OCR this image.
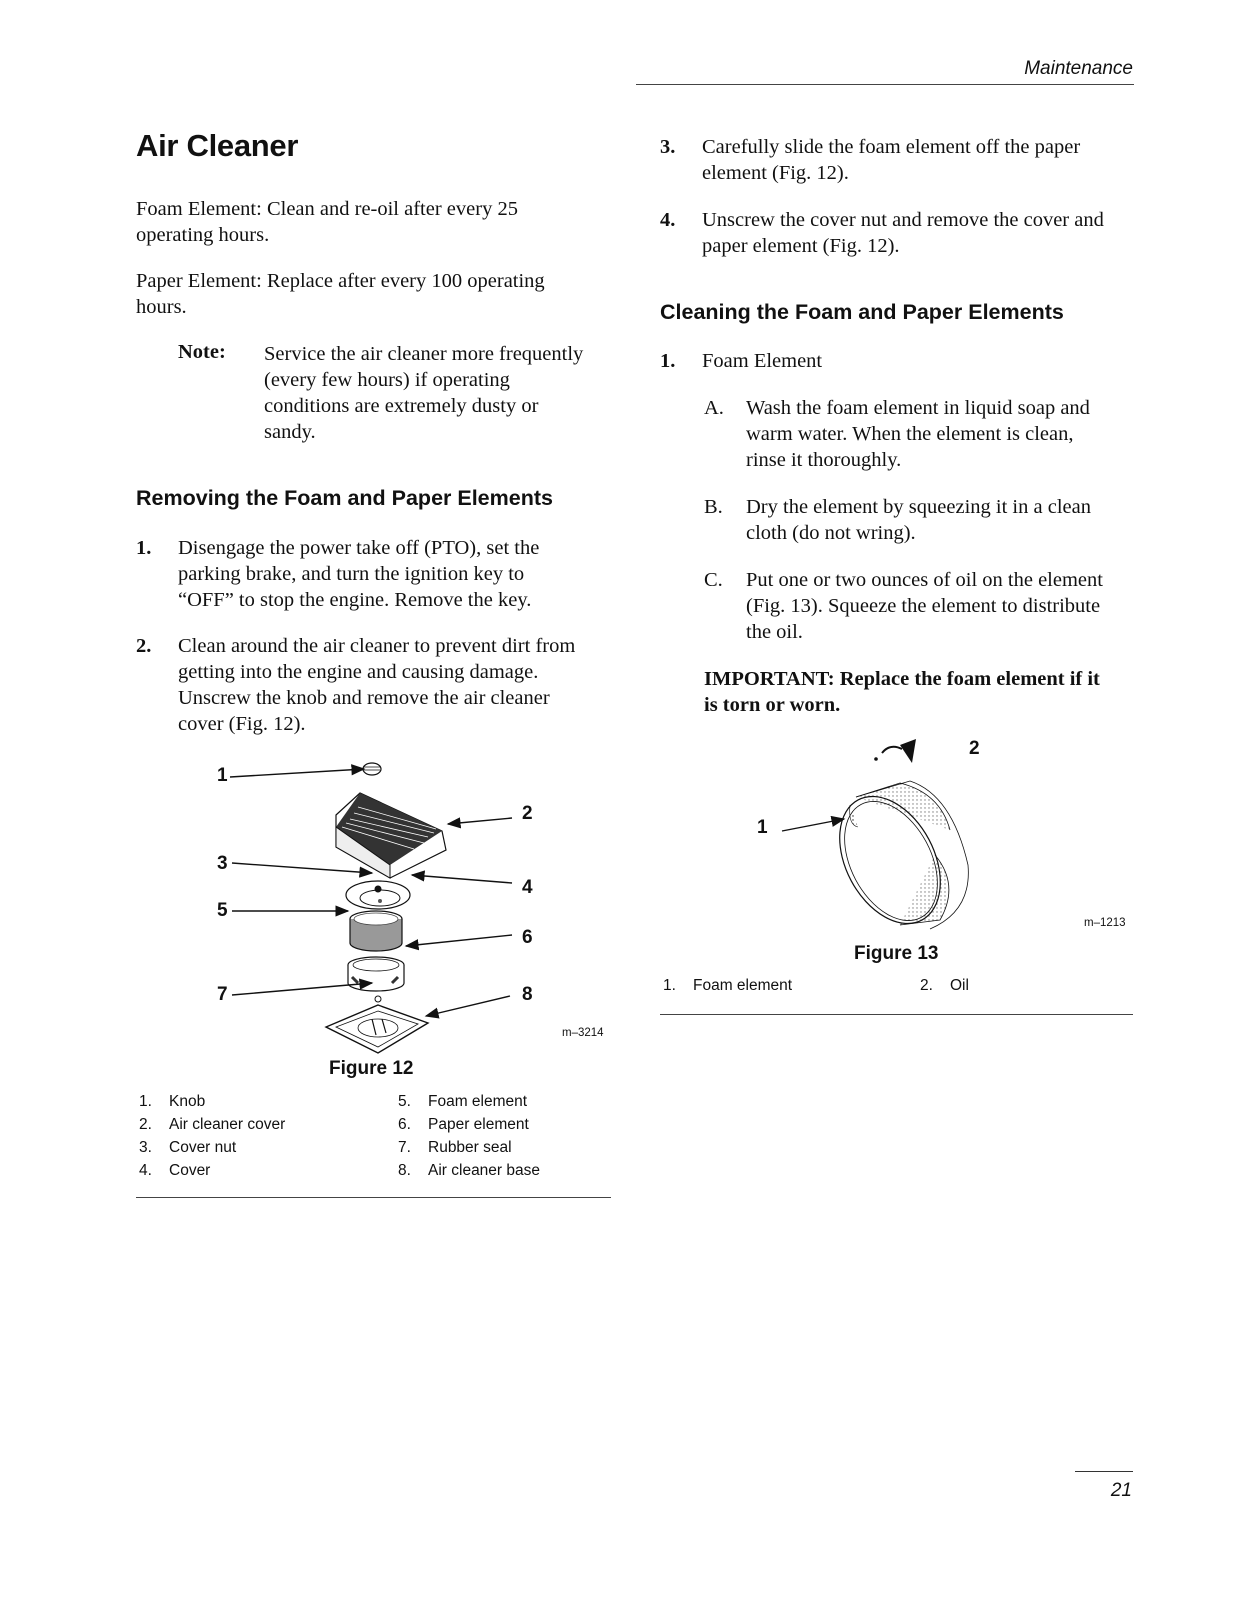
Maintenance
Air Cleaner
Foam Element: Clean and re-oil after every 25
operating hours.
Paper Element: Replace after every 100 operating
hours.
Note: Service the air cleaner more frequently
(every few hours) if operating
conditions are extremely dusty or
sandy.
Removing the Foam and Paper Elements
1. Disengage the power take off (PTO), set the
parking brake, and turn the ignition key to
“OFF” to stop the engine. Remove the key.
2. Clean around the air cleaner to prevent dirt from
getting into the engine and causing damage.
Unscrew the knob and remove the air cleaner
cover (Fig. 12).
1
2
3
4
5
6
7	8
m–3214
Figure 12
1. Knob
2. Air cleaner cover
3. Cover nut
4. Cover
5. Foam element
6. Paper element
7. Rubber seal
8. Air cleaner base
3. Carefully slide the foam element off the paper
element (Fig. 12).
4. Unscrew the cover nut and remove the cover and
paper element (Fig. 12).
Cleaning the Foam and Paper Elements
1. Foam Element
A. Wash the foam element in liquid soap and
warm water. When the element is clean,
rinse it thoroughly.
B. Dry the element by squeezing it in a clean
cloth (do not wring).
C. Put one or two ounces of oil on the element
(Fig. 13). Squeeze the element to distribute
the oil.
IMPORTANT: Replace the foam element if it
is torn or worn.
2
1
m–1213
Figure 13
1. Foam element	2. Oil
21
